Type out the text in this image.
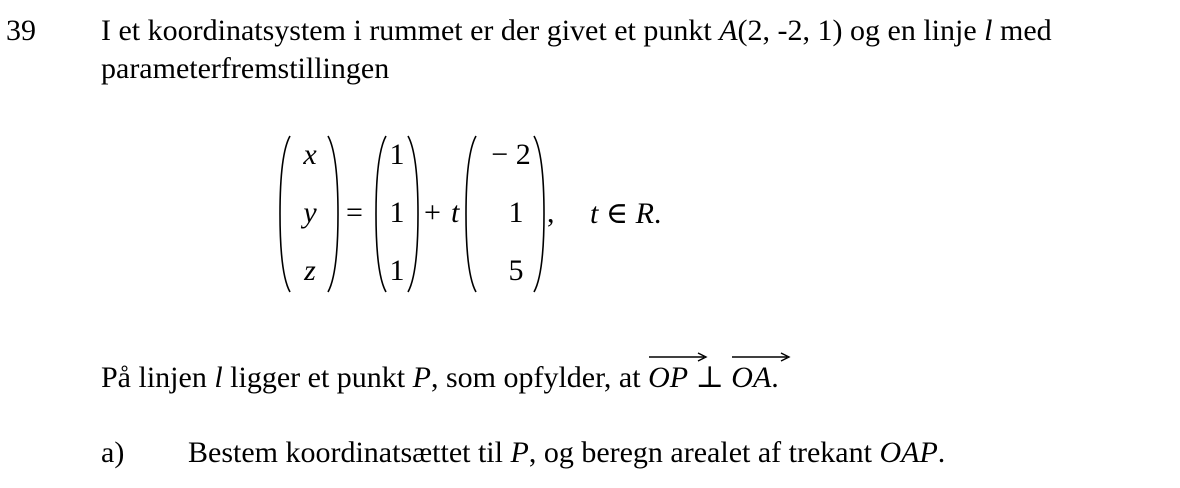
39 I et koordinatsystem i rummet er der givet et punkt A(2, -2, 1) og en linje l med
parameterfremstillingen
x
y
z
=
1
1
1
+ t
− 2
1
5
, t ∈ R.
På linjen l ligger et punkt P, som opfylder, at
OP ⊥ OA.
a) Bestem koordinatsættet til P, og beregn arealet af trekant OAP.
